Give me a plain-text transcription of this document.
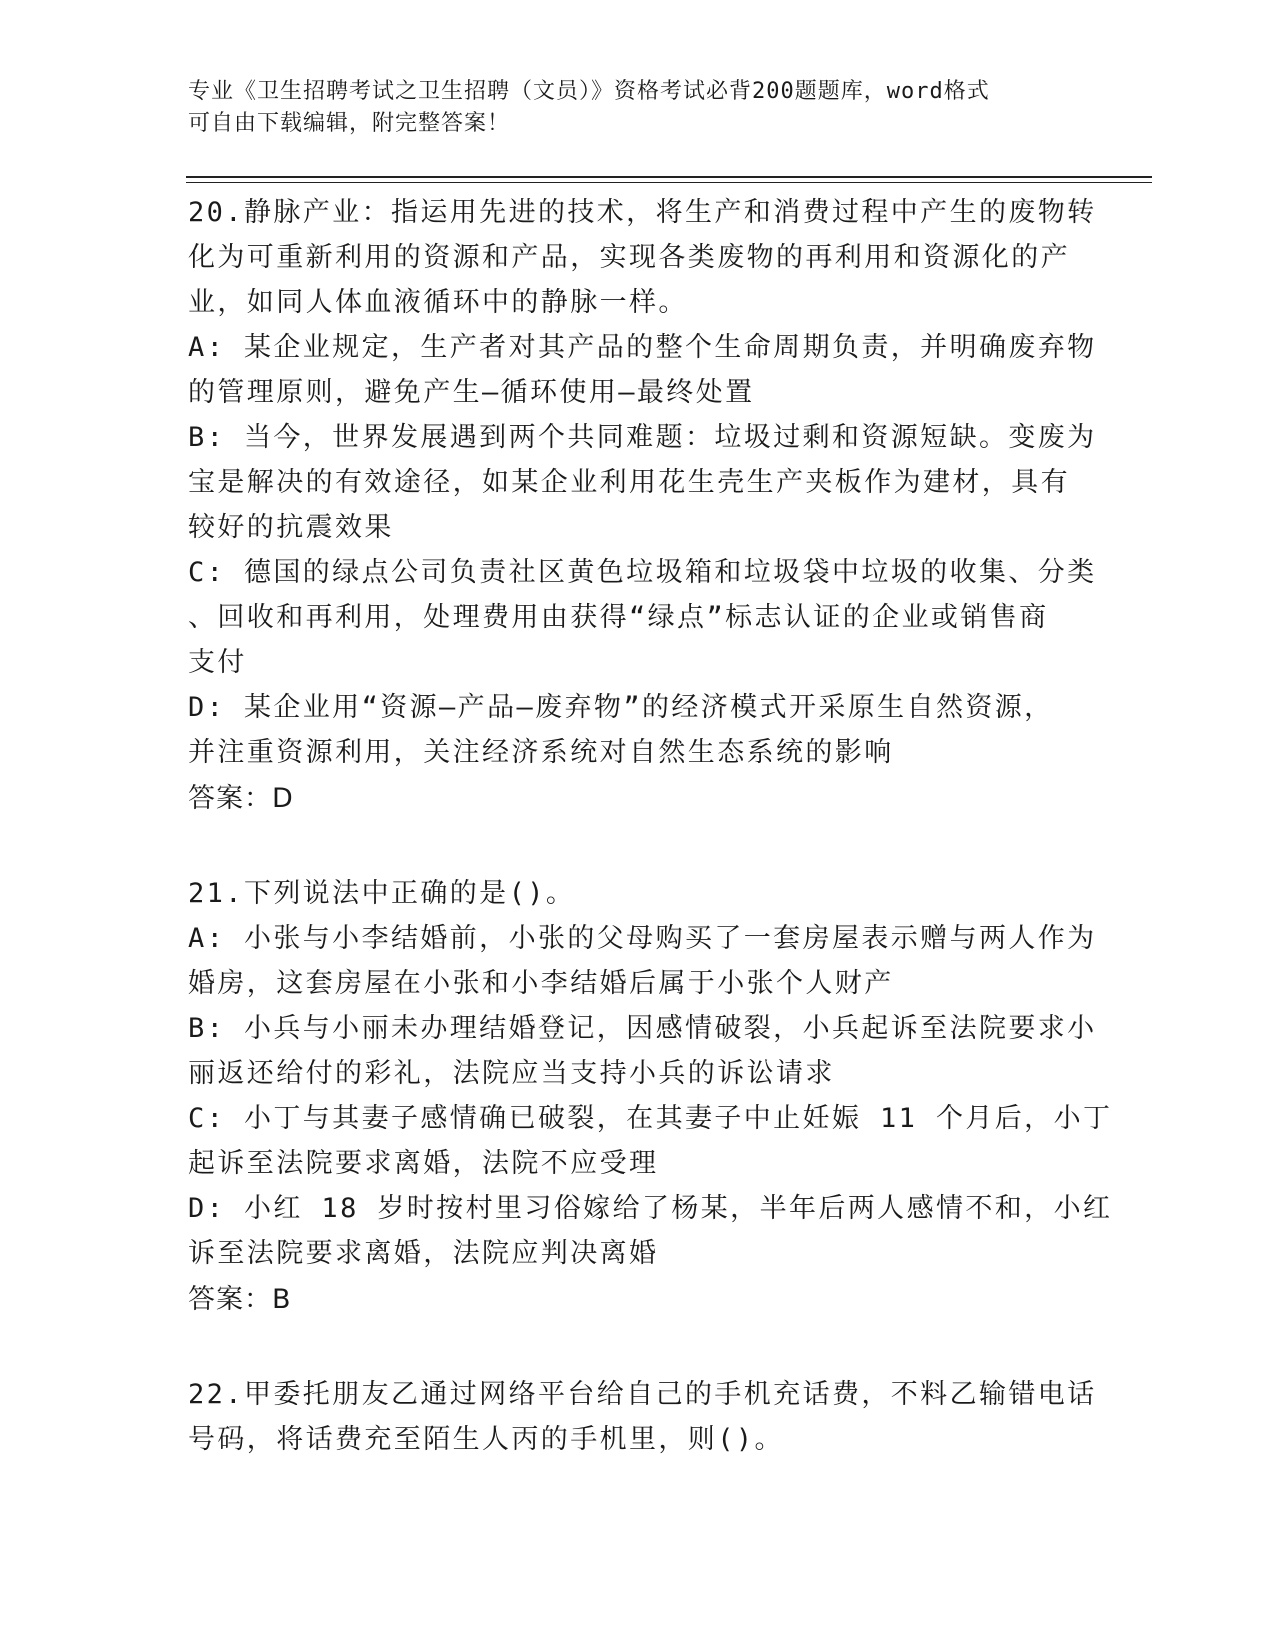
专业《卫生招聘考试之卫生招聘（文员）》资格考试必背200题题库，word格式
可自由下载编辑，附完整答案！
20.静脉产业：指运用先进的技术，将生产和消费过程中产生的废物转
化为可重新利用的资源和产品，实现各类废物的再利用和资源化的产
业，如同人体血液循环中的静脉一样。
A: 某企业规定，生产者对其产品的整个生命周期负责，并明确废弃物
的管理原则，避免产生—循环使用—最终处置
B: 当今，世界发展遇到两个共同难题：垃圾过剩和资源短缺。变废为
宝是解决的有效途径，如某企业利用花生壳生产夹板作为建材，具有
较好的抗震效果
C: 德国的绿点公司负责社区黄色垃圾箱和垃圾袋中垃圾的收集、分类
、回收和再利用，处理费用由获得“绿点”标志认证的企业或销售商
支付
D: 某企业用“资源—产品—废弃物”的经济模式开采原生自然资源，
并注重资源利用，关注经济系统对自然生态系统的影响
答案：D
21.下列说法中正确的是()。
A: 小张与小李结婚前，小张的父母购买了一套房屋表示赠与两人作为
婚房，这套房屋在小张和小李结婚后属于小张个人财产
B: 小兵与小丽未办理结婚登记，因感情破裂，小兵起诉至法院要求小
丽返还给付的彩礼，法院应当支持小兵的诉讼请求
C: 小丁与其妻子感情确已破裂，在其妻子中止妊娠 11 个月后，小丁
起诉至法院要求离婚，法院不应受理
D: 小红 18 岁时按村里习俗嫁给了杨某，半年后两人感情不和，小红
诉至法院要求离婚，法院应判决离婚
答案：B
22.甲委托朋友乙通过网络平台给自己的手机充话费，不料乙输错电话
号码，将话费充至陌生人丙的手机里，则()。
